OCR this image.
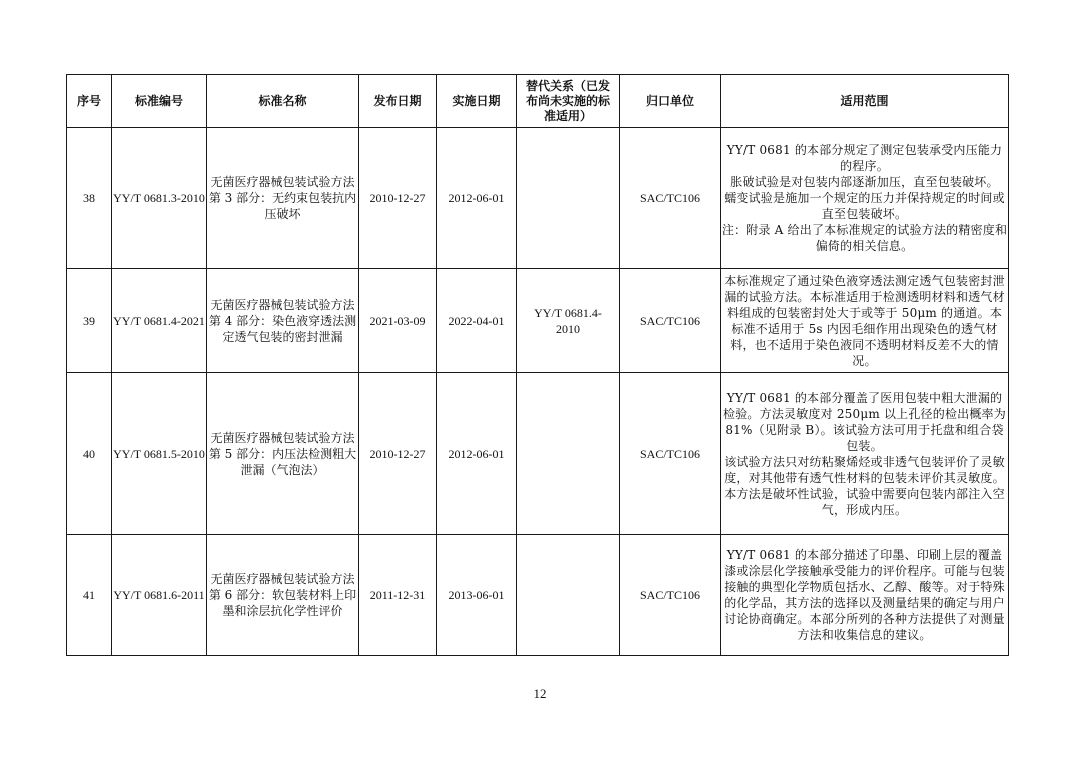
序号	标准编号	标准名称	发布日期	实施日期	替代关系（已发布尚未实施的标准适用）	归口单位	适用范围
38	YY/T 0681.3-2010	无菌医疗器械包装试验方法 第 3 部分：无约束包装抗内压破坏	2010-12-27	2012-06-01		SAC/TC106	YY/T 0681 的本部分规定了测定包装承受内压能力的程序。

胀破试验是对包装内部逐渐加压，直至包装破坏。

蠕变试验是施加一个规定的压力并保持规定的时间或直至包装破坏。

注：附录 A 给出了本标准规定的试验方法的精密度和偏倚的相关信息。

39	YY/T 0681.4-2021	无菌医疗器械包装试验方法 第 4 部分：染色液穿透法测定透气包装的密封泄漏	2021-03-09	2022-04-01	YY/T 0681.4-2010	SAC/TC106	本标准规定了通过染色液穿透法测定透气包装密封泄漏的试验方法。本标准适用于检测透明材料和透气材料组成的包装密封处大于或等于 50μm 的通道。本标准不适用于 5s 内因毛细作用出现染色的透气材料，也不适用于染色液同不透明材料反差不大的情况。

40	YY/T 0681.5-2010	无菌医疗器械包装试验方法 第 5 部分：内压法检测粗大泄漏（气泡法）	2010-12-27	2012-06-01		SAC/TC106	YY/T 0681 的本部分覆盖了医用包装中粗大泄漏的检验。方法灵敏度对 250μm 以上孔径的检出概率为 81%（见附录 B）。该试验方法可用于托盘和组合袋包装。

该试验方法只对纺粘聚烯烃或非透气包装评价了灵敏度，对其他带有透气性材料的包装未评价其灵敏度。

本方法是破坏性试验，试验中需要向包装内部注入空气，形成内压。

41	YY/T 0681.6-2011	无菌医疗器械包装试验方法 第 6 部分：软包装材料上印墨和涂层抗化学性评价	2011-12-31	2013-06-01		SAC/TC106	YY/T 0681 的本部分描述了印墨、印刷上层的覆盖漆或涂层化学接触承受能力的评价程序。可能与包装接触的典型化学物质包括水、乙醇、酸等。对于特殊的化学品，其方法的选择以及测量结果的确定与用户讨论协商确定。本部分所列的各种方法提供了对测量方法和收集信息的建议。

12
